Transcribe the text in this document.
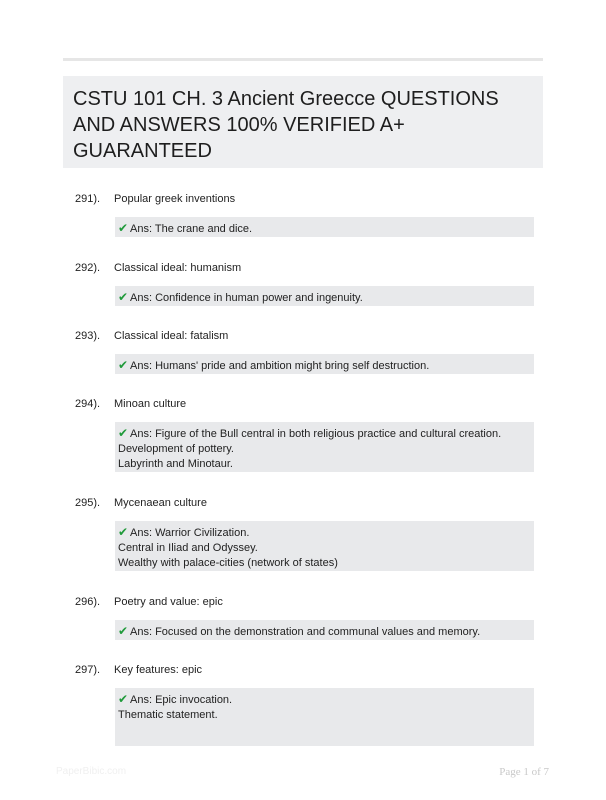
CSTU 101 CH. 3 Ancient Greecce QUESTIONS AND ANSWERS 100% VERIFIED A+ GUARANTEED
291). Popular greek inventions
✔ Ans: The crane and dice.
292). Classical ideal: humanism
✔ Ans: Confidence in human power and ingenuity.
293). Classical ideal: fatalism
✔ Ans: Humans' pride and ambition might bring self destruction.
294). Minoan culture
✔ Ans: Figure of the Bull central in both religious practice and cultural creation.
Development of pottery.
Labyrinth and Minotaur.
295). Mycenaean culture
✔ Ans: Warrior Civilization.
Central in Iliad and Odyssey.
Wealthy with palace-cities (network of states)
296). Poetry and value: epic
✔ Ans: Focused on the demonstration and communal values and memory.
297). Key features: epic
✔ Ans: Epic invocation.
Thematic statement.
PaperBibic.com	Page 1 of 7
